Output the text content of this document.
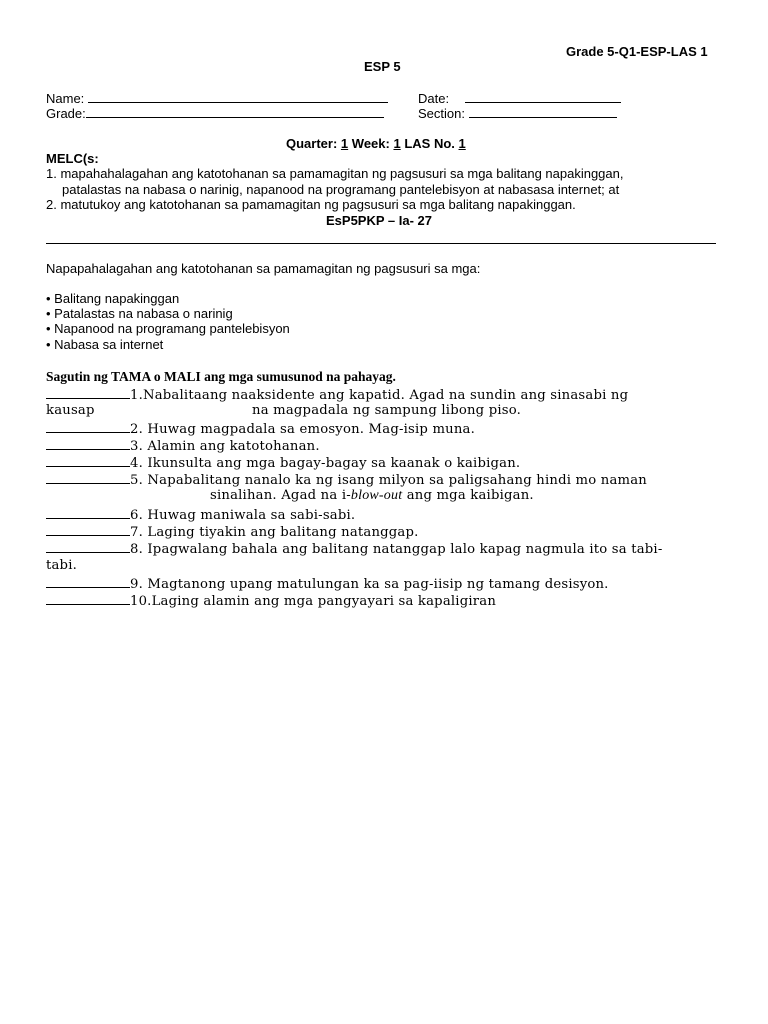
Grade 5-Q1-ESP-LAS 1
ESP 5
Name:	Date:
Grade:	Section:
Quarter: 1 Week: 1 LAS No. 1
MELC(s:
1. mapahahalagahan ang katotohanan sa pamamagitan ng pagsusuri sa mga balitang napakinggan,
patalastas na nabasa o narinig, napanood na programang pantelebisyon at nabasasa internet; at
2. matutukoy ang katotohanan sa pamamagitan ng pagsusuri sa mga balitang napakinggan.
EsP5PKP – Ia- 27
Napapahalagahan ang katotohanan sa pamamagitan ng pagsusuri sa mga:
• Balitang napakinggan
• Patalastas na nabasa o narinig
• Napanood na programang pantelebisyon
• Nabasa sa internet
Sagutin ng TAMA o MALI ang mga sumusunod na pahayag.
1.Nabalitaang naaksidente ang kapatid. Agad na sundin ang sinasabi ng
kausap	na magpadala ng sampung libong piso.
2. Huwag magpadala sa emosyon. Mag-isip muna.
3. Alamin ang katotohanan.
4. Ikunsulta ang mga bagay-bagay sa kaanak o kaibigan.
5. Napabalitang nanalo ka ng isang milyon sa paligsahang hindi mo naman
sinalihan. Agad na i-blow-out ang mga kaibigan.
6. Huwag maniwala sa sabi-sabi.
7. Laging tiyakin ang balitang natanggap.
8. Ipagwalang bahala ang balitang natanggap lalo kapag nagmula ito sa tabi-
tabi.
9. Magtanong upang matulungan ka sa pag-iisip ng tamang desisyon.
10.Laging alamin ang mga pangyayari sa kapaligiran
